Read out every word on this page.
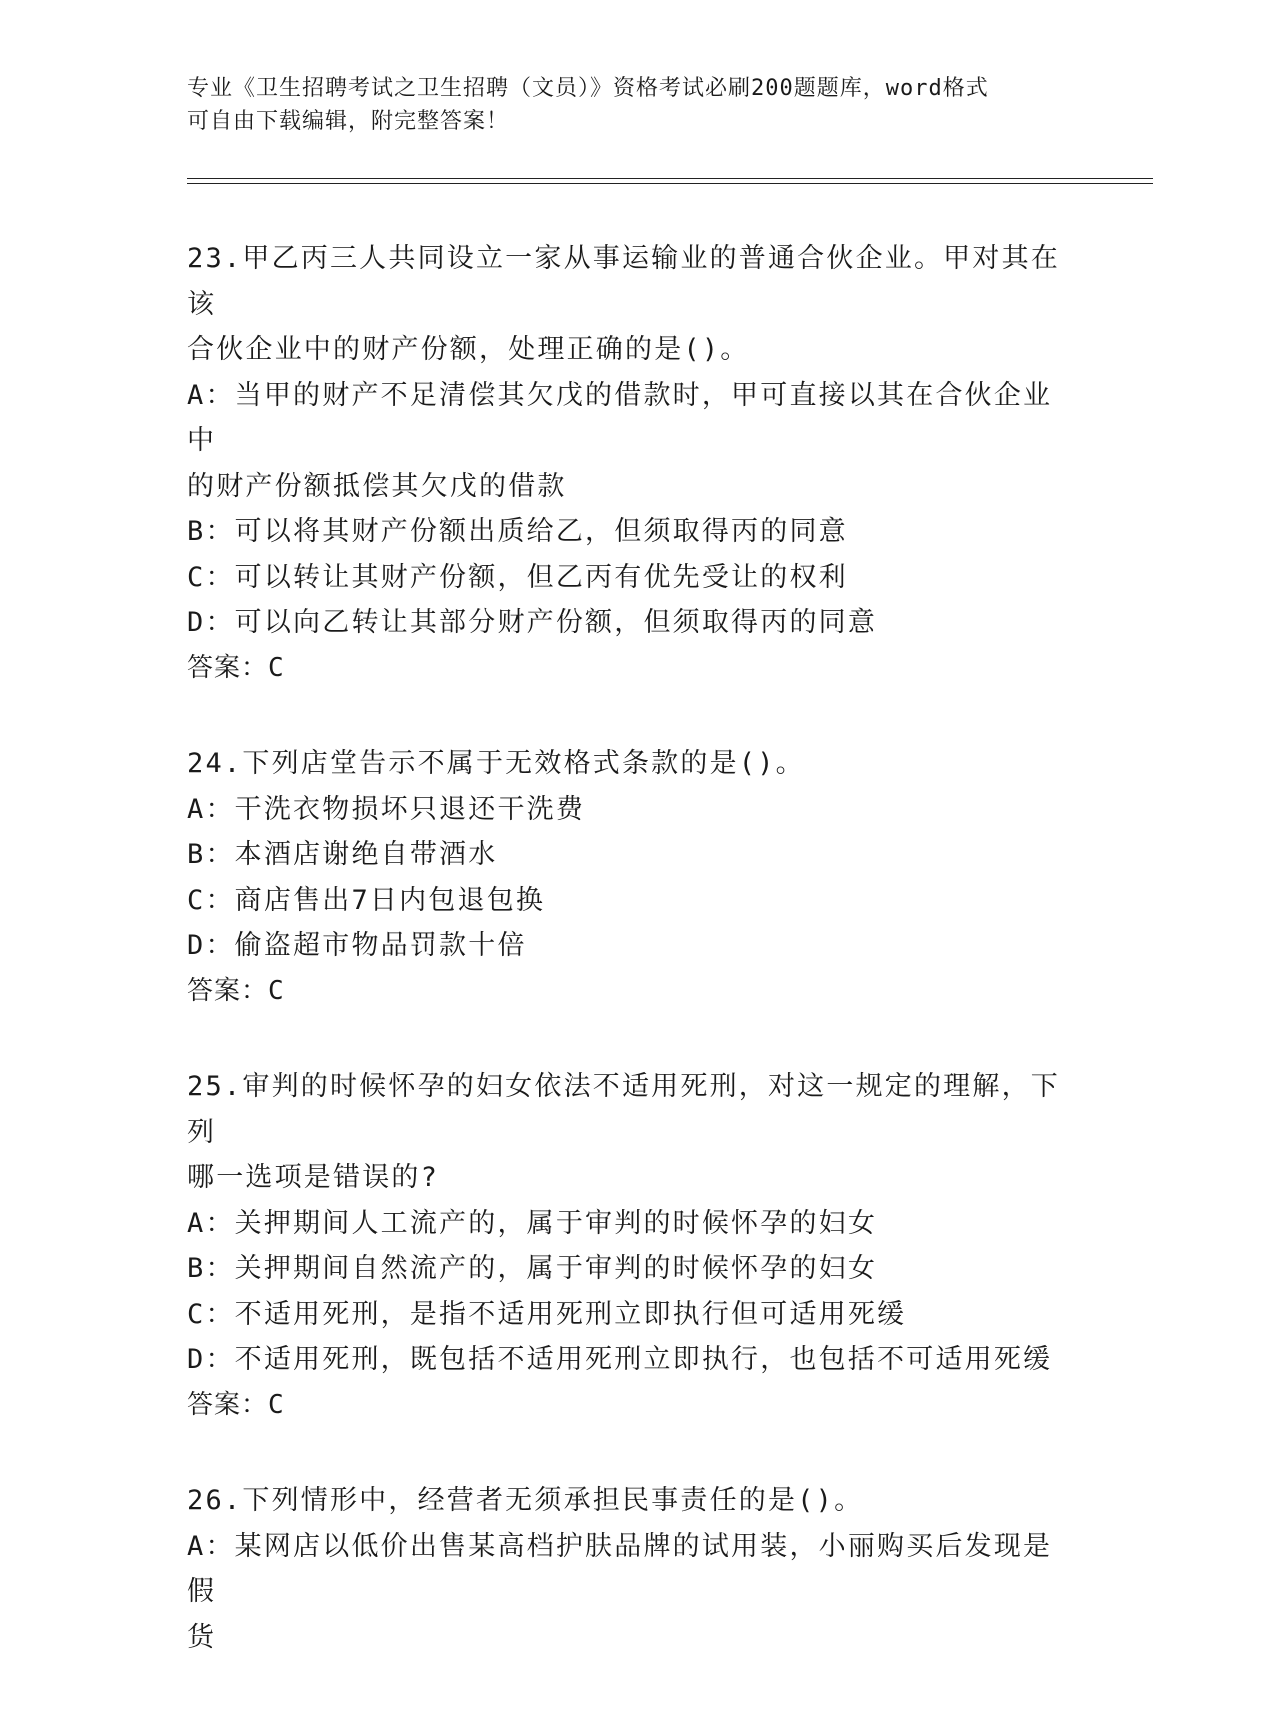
专业《卫生招聘考试之卫生招聘（文员）》资格考试必刷200题题库，word格式
可自由下载编辑，附完整答案！

23.甲乙丙三人共同设立一家从事运输业的普通合伙企业。甲对其在该

合伙企业中的财产份额，处理正确的是()。

A：当甲的财产不足清偿其欠戊的借款时，甲可直接以其在合伙企业中

的财产份额抵偿其欠戊的借款

B：可以将其财产份额出质给乙，但须取得丙的同意

C：可以转让其财产份额，但乙丙有优先受让的权利

D：可以向乙转让其部分财产份额，但须取得丙的同意

答案：C

24.下列店堂告示不属于无效格式条款的是()。

A：干洗衣物损坏只退还干洗费

B：本酒店谢绝自带酒水

C：商店售出7日内包退包换

D：偷盗超市物品罚款十倍

答案：C

25.审判的时候怀孕的妇女依法不适用死刑，对这一规定的理解，下列

哪一选项是错误的?

A：关押期间人工流产的，属于审判的时候怀孕的妇女

B：关押期间自然流产的，属于审判的时候怀孕的妇女

C：不适用死刑，是指不适用死刑立即执行但可适用死缓

D：不适用死刑，既包括不适用死刑立即执行，也包括不可适用死缓

答案：C

26.下列情形中，经营者无须承担民事责任的是()。

A：某网店以低价出售某高档护肤品牌的试用装，小丽购买后发现是假

货
